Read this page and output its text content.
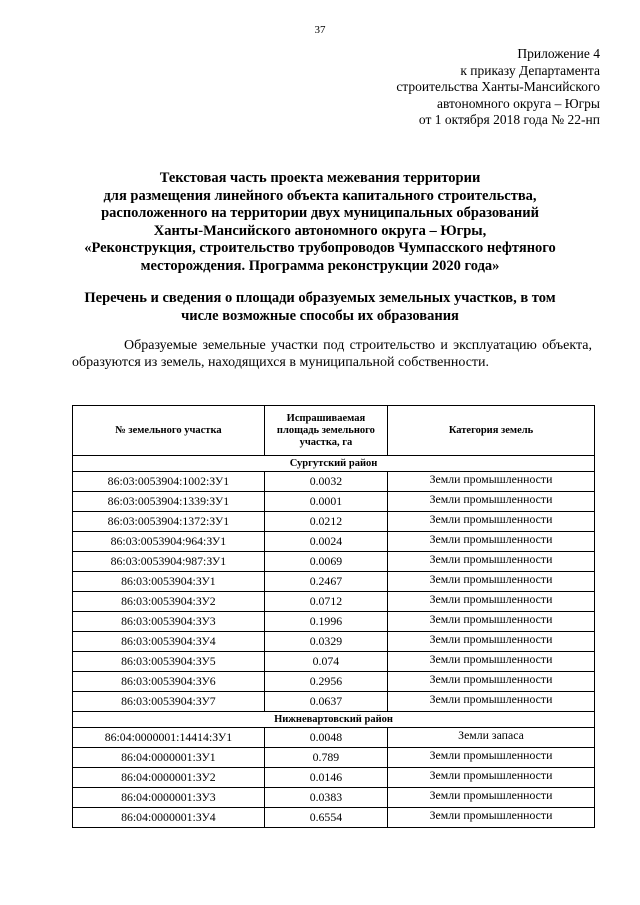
37
Приложение 4
к приказу Департамента
строительства Ханты-Мансийского
автономного округа – Югры
от 1 октября 2018 года № 22-нп
Текстовая часть проекта межевания территории
для размещения линейного объекта капитального строительства,
расположенного на территории двух муниципальных образований
Ханты-Мансийского автономного округа – Югры,
«Реконструкция, строительство трубопроводов Чумпасского нефтяного
месторождения. Программа реконструкции 2020 года»
Перечень и сведения о площади образуемых земельных участков, в том
числе возможные способы их образования
Образуемые земельные участки под строительство и эксплуатацию объекта, образуются из земель, находящихся в муниципальной собственности.
№ земельного участка	Испрашиваемая площадь земельного участка, га	Категория земель
Сургутский район		
86:03:0053904:1002:ЗУ1	0.0032	Земли промышленности
86:03:0053904:1339:ЗУ1	0.0001	Земли промышленности
86:03:0053904:1372:ЗУ1	0.0212	Земли промышленности
86:03:0053904:964:ЗУ1	0.0024	Земли промышленности
86:03:0053904:987:ЗУ1	0.0069	Земли промышленности
86:03:0053904:ЗУ1	0.2467	Земли промышленности
86:03:0053904:ЗУ2	0.0712	Земли промышленности
86:03:0053904:ЗУ3	0.1996	Земли промышленности
86:03:0053904:ЗУ4	0.0329	Земли промышленности
86:03:0053904:ЗУ5	0.074	Земли промышленности
86:03:0053904:ЗУ6	0.2956	Земли промышленности
86:03:0053904:ЗУ7	0.0637	Земли промышленности
Нижневартовский район		
86:04:0000001:14414:ЗУ1	0.0048	Земли запаса
86:04:0000001:ЗУ1	0.789	Земли промышленности
86:04:0000001:ЗУ2	0.0146	Земли промышленности
86:04:0000001:ЗУ3	0.0383	Земли промышленности
86:04:0000001:ЗУ4	0.6554	Земли промышленности
